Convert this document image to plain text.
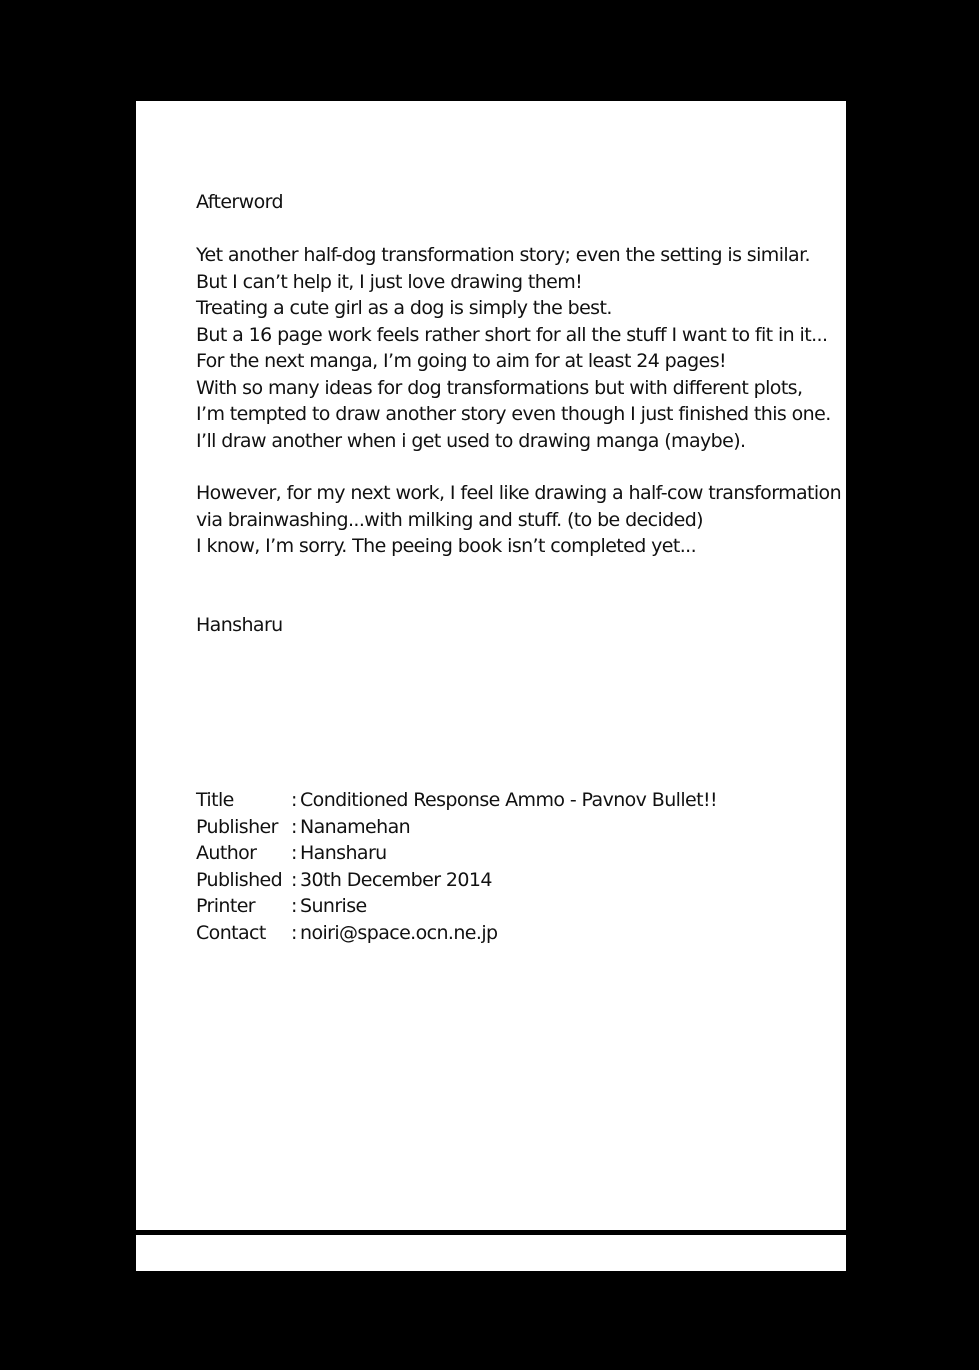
Afterword
Yet another half-dog transformation story; even the setting is similar.
But I can’t help it, I just love drawing them!
Treating a cute girl as a dog is simply the best.
But a 16 page work feels rather short for all the stuff I want to fit in it...
For the next manga, I’m going to aim for at least 24 pages!
With so many ideas for dog transformations but with different plots,
I’m tempted to draw another story even though I just finished this one.
I’ll draw another when i get used to drawing manga (maybe).
However, for my next work, I feel like drawing a half-cow transformation
via brainwashing...with milking and stuff. (to be decided)
I know, I’m sorry. The peeing book isn’t completed yet...
Hansharu
Title	: Conditioned Response Ammo - Pavnov Bullet!!
Publisher : Nanamehan
Author	: Hansharu
Published : 30th December 2014
Printer	: Sunrise
Contact	: noiri@space.ocn.ne.jp
